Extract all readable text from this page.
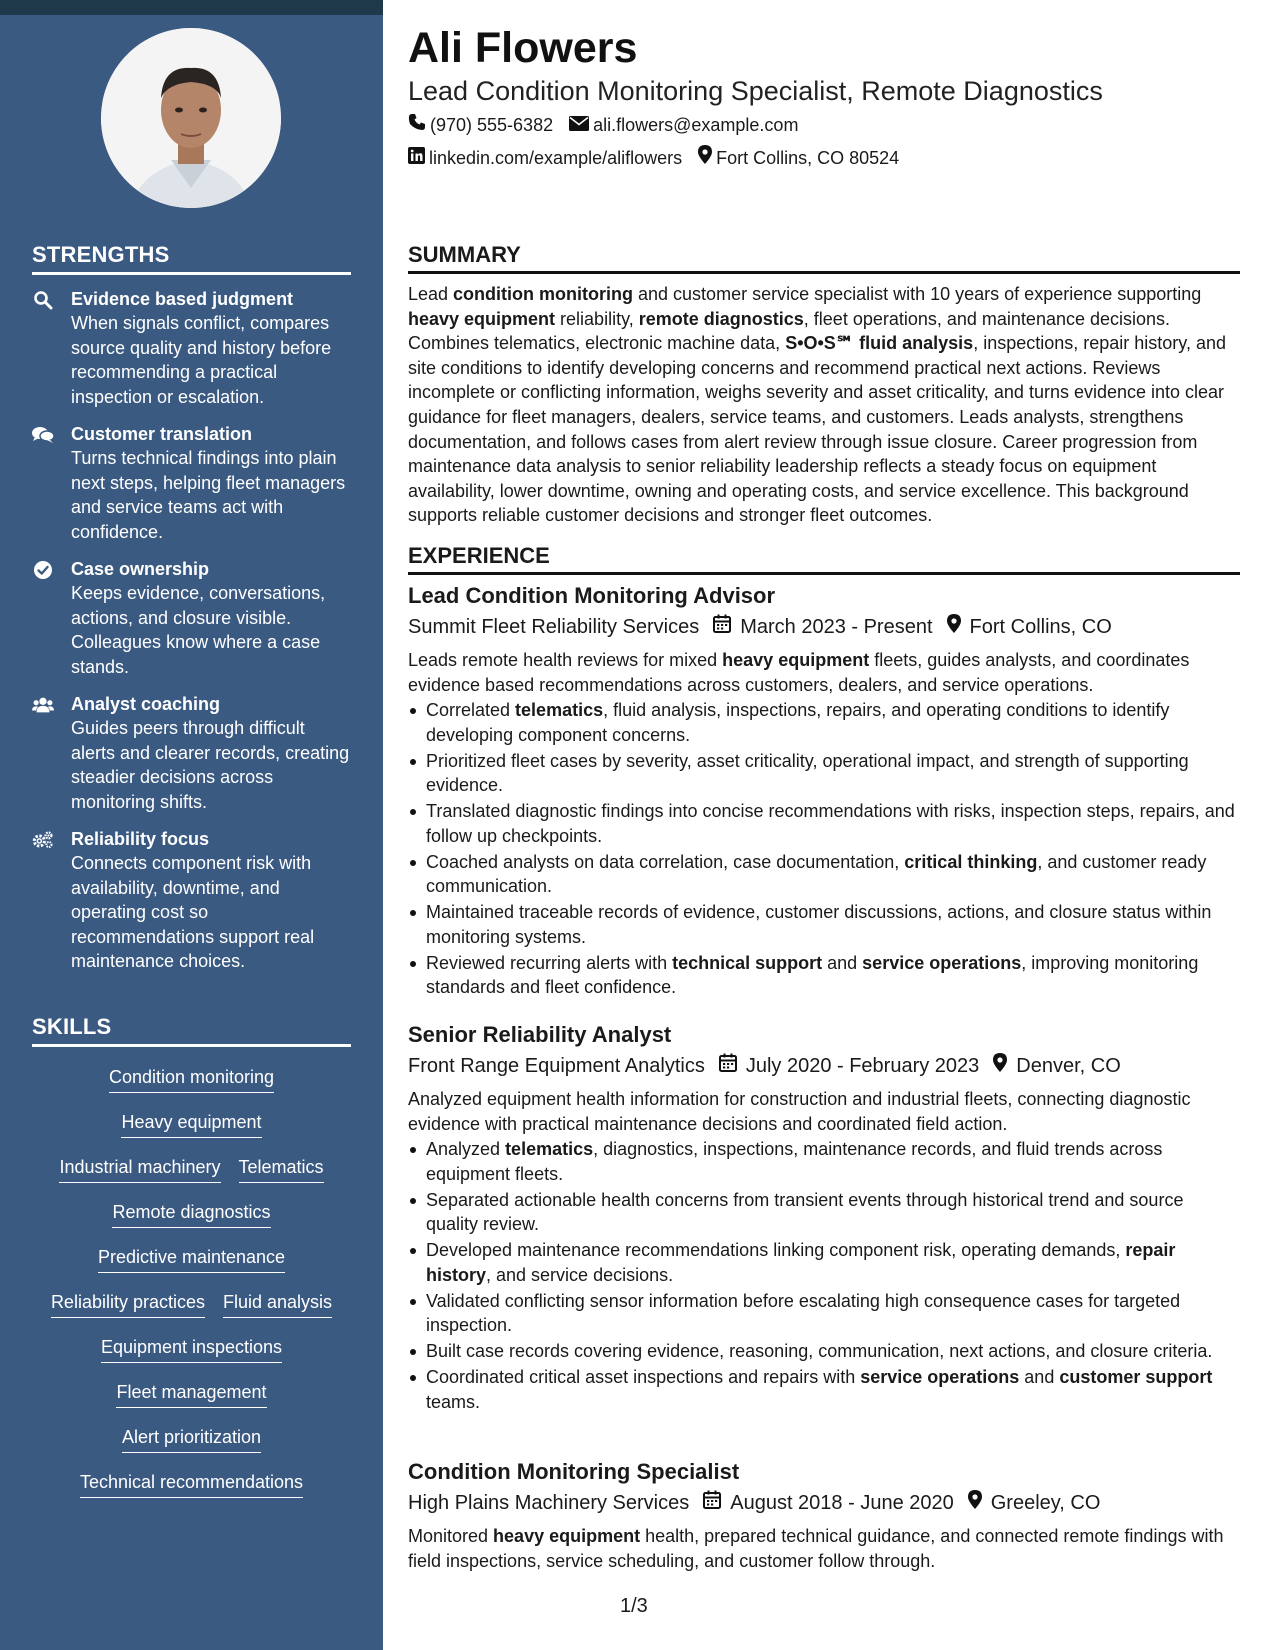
STRENGTHS
Evidence based judgment
When signals conflict, compares source quality and history before recommending a practical inspection or escalation.
Customer translation
Turns technical findings into plain next steps, helping fleet managers and service teams act with confidence.
Case ownership
Keeps evidence, conversations, actions, and closure visible. Colleagues know where a case stands.
Analyst coaching
Guides peers through difficult alerts and clearer records, creating steadier decisions across monitoring shifts.
Reliability focus
Connects component risk with availability, downtime, and operating cost so recommendations support real maintenance choices.
SKILLS
Condition monitoring
Heavy equipment
Industrial machinery Telematics
Remote diagnostics
Predictive maintenance
Reliability practices Fluid analysis
Equipment inspections
Fleet management
Alert prioritization
Technical recommendations
Ali Flowers
Lead Condition Monitoring Specialist, Remote Diagnostics
(970) 555-6382 ali.flowers@example.com
linkedin.com/example/aliflowers Fort Collins, CO 80524
SUMMARY
Lead condition monitoring and customer service specialist with 10 years of experience supporting heavy equipment reliability, remote diagnostics, fleet operations, and maintenance decisions. Combines telematics, electronic machine data, S•O•S℠ fluid analysis, inspections, repair history, and site conditions to identify developing concerns and recommend practical next actions. Reviews incomplete or conflicting information, weighs severity and asset criticality, and turns evidence into clear guidance for fleet managers, dealers, service teams, and customers. Leads analysts, strengthens documentation, and follows cases from alert review through issue closure. Career progression from maintenance data analysis to senior reliability leadership reflects a steady focus on equipment availability, lower downtime, owning and operating costs, and service excellence. This background supports reliable customer decisions and stronger fleet outcomes.
EXPERIENCE
Lead Condition Monitoring Advisor
Summit Fleet Reliability Services March 2023 - Present Fort Collins, CO
Leads remote health reviews for mixed heavy equipment fleets, guides analysts, and coordinates evidence based recommendations across customers, dealers, and service operations.
Correlated telematics, fluid analysis, inspections, repairs, and operating conditions to identify developing component concerns.
Prioritized fleet cases by severity, asset criticality, operational impact, and strength of supporting evidence.
Translated diagnostic findings into concise recommendations with risks, inspection steps, repairs, and follow up checkpoints.
Coached analysts on data correlation, case documentation, critical thinking, and customer ready communication.
Maintained traceable records of evidence, customer discussions, actions, and closure status within monitoring systems.
Reviewed recurring alerts with technical support and service operations, improving monitoring standards and fleet confidence.
Senior Reliability Analyst
Front Range Equipment Analytics July 2020 - February 2023 Denver, CO
Analyzed equipment health information for construction and industrial fleets, connecting diagnostic evidence with practical maintenance decisions and coordinated field action.
Analyzed telematics, diagnostics, inspections, maintenance records, and fluid trends across equipment fleets.
Separated actionable health concerns from transient events through historical trend and source quality review.
Developed maintenance recommendations linking component risk, operating demands, repair history, and service decisions.
Validated conflicting sensor information before escalating high consequence cases for targeted inspection.
Built case records covering evidence, reasoning, communication, next actions, and closure criteria.
Coordinated critical asset inspections and repairs with service operations and customer support teams.
Condition Monitoring Specialist
High Plains Machinery Services August 2018 - June 2020 Greeley, CO
Monitored heavy equipment health, prepared technical guidance, and connected remote findings with field inspections, service scheduling, and customer follow through.
1/3
